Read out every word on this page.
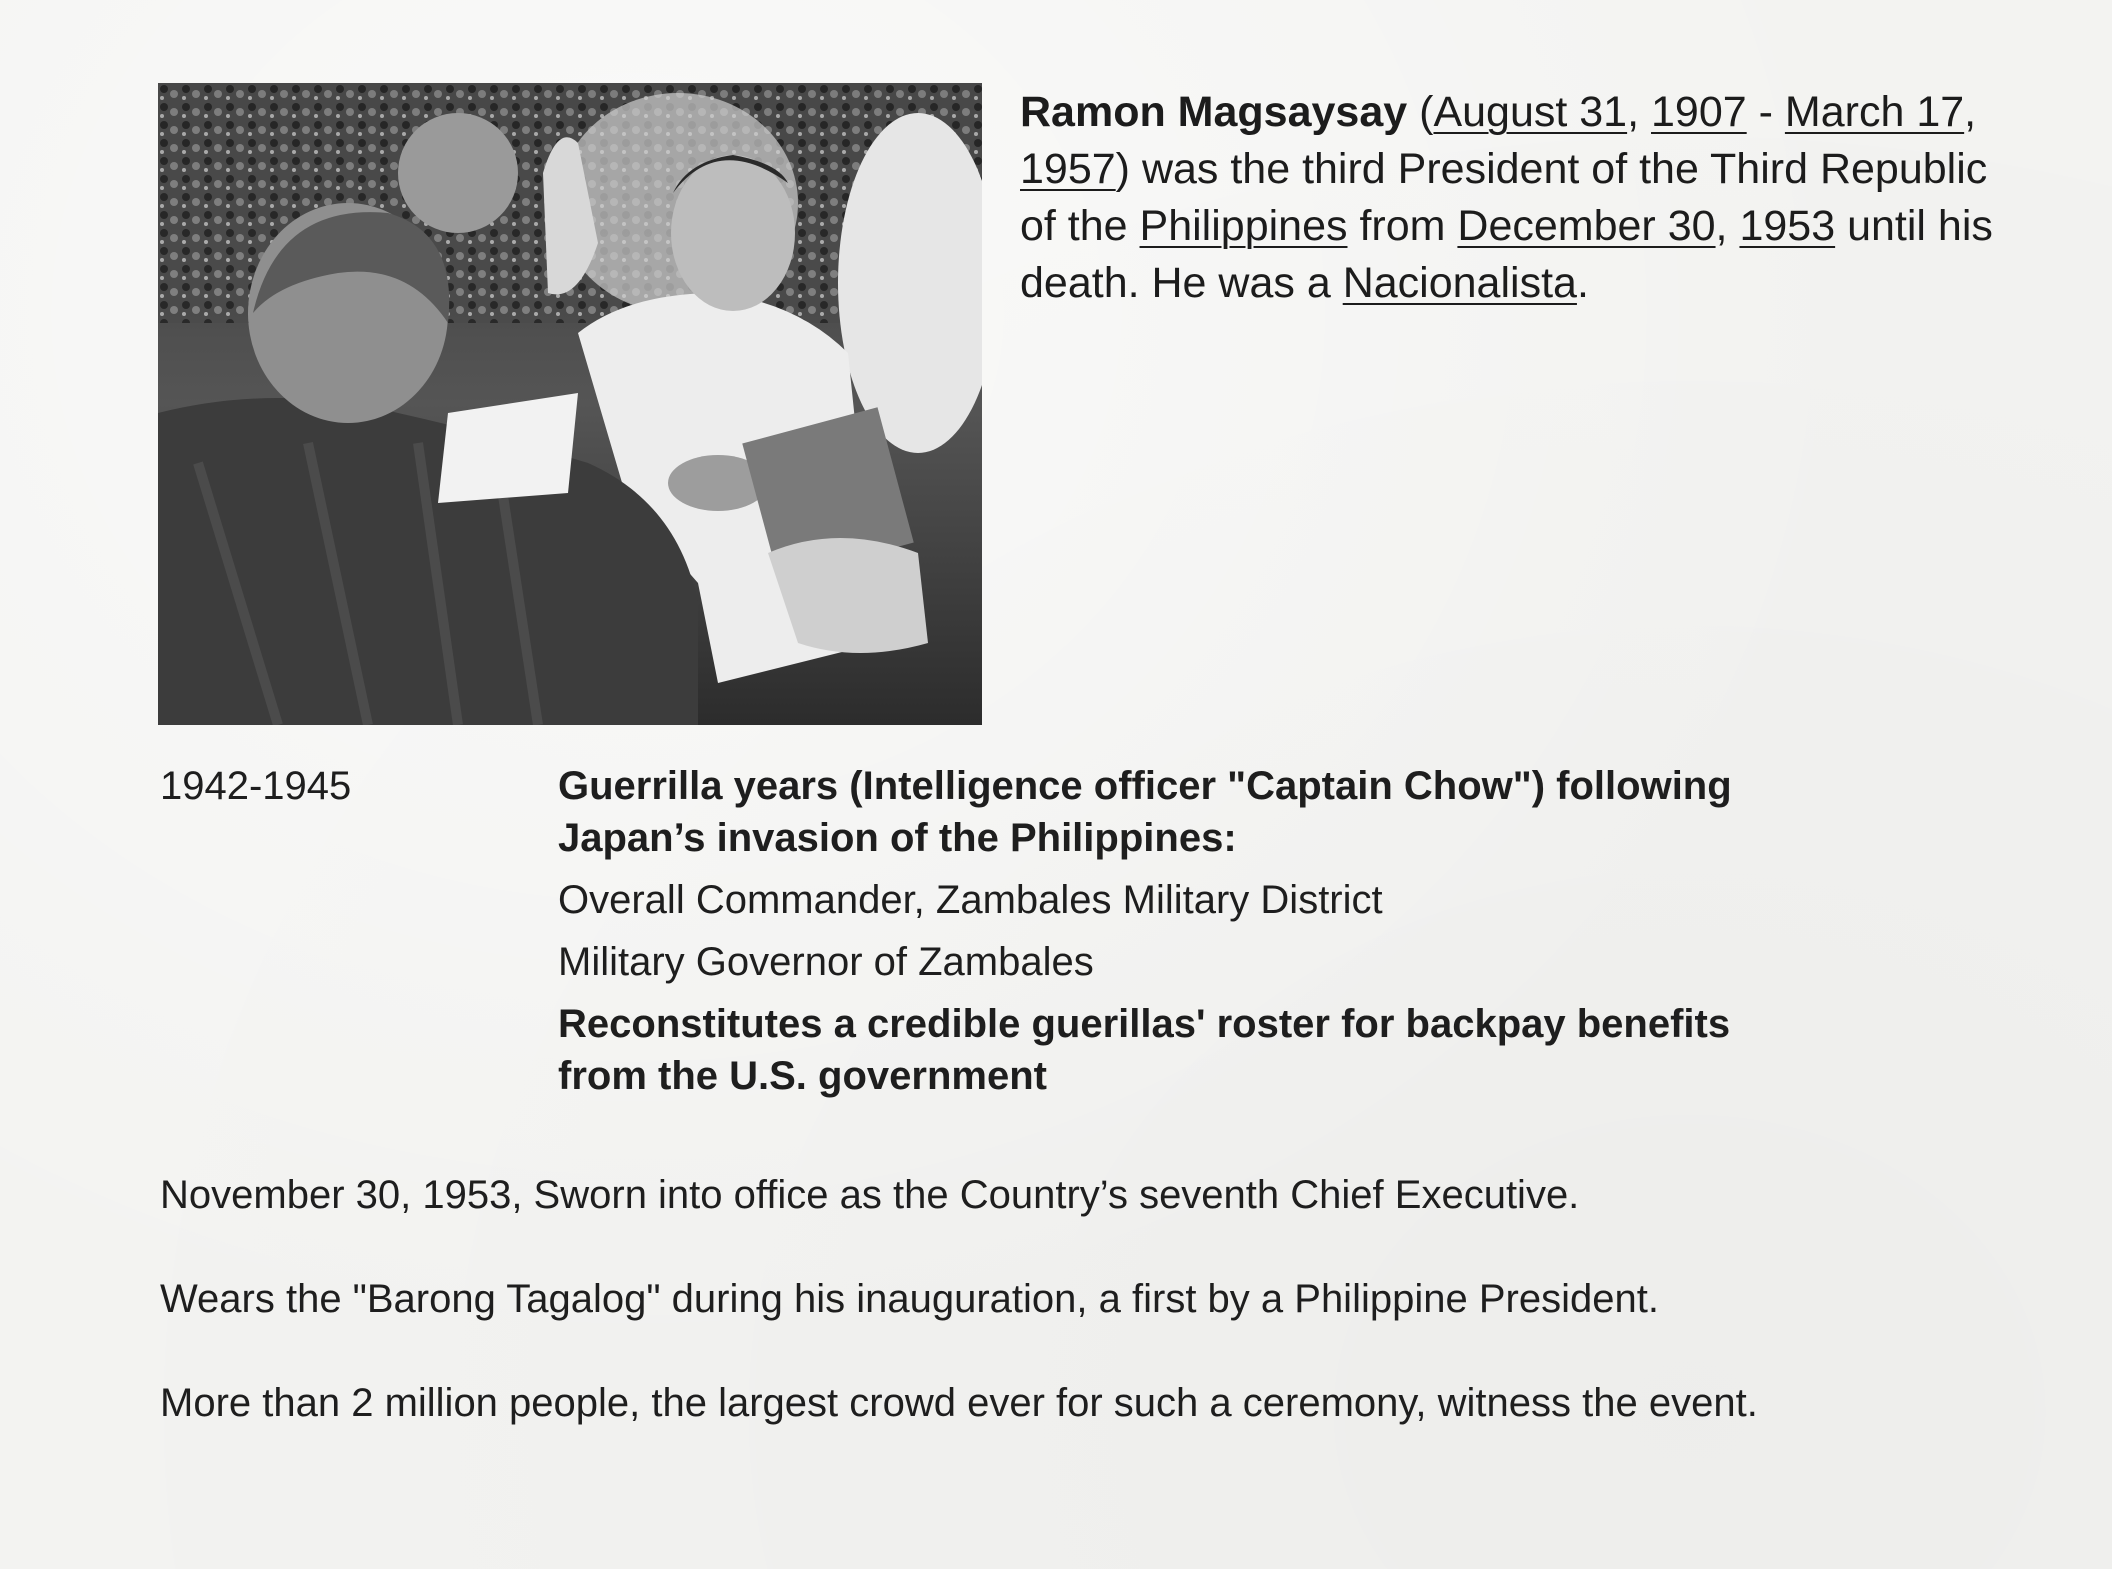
Ramon Magsaysay (August 31, 1907 - March 17, 1957) was the third President of the Third Republic of the Philippines from December 30, 1953 until his death. He was a Nacionalista.
1942-1945	Guerrilla years (Intelligence officer "Captain Chow") following
Japan’s invasion of the Philippines:
Overall Commander, Zambales Military District
Military Governor of Zambales
Reconstitutes a credible guerillas' roster for backpay benefits
from the U.S. government
November 30, 1953, Sworn into office as the Country’s seventh Chief Executive.
Wears the "Barong Tagalog" during his inauguration, a first by a Philippine President.
More than 2 million people, the largest crowd ever for such a ceremony, witness the event.
